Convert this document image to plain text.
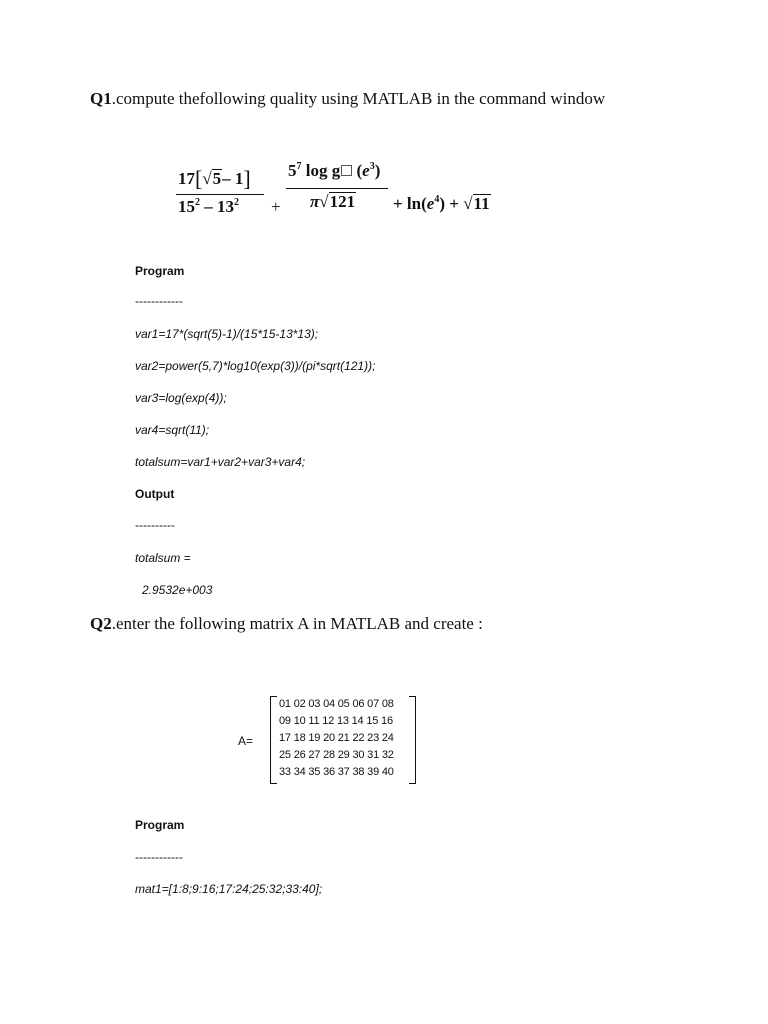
Q1.compute thefollowing quality using MATLAB in the command window
17[√5– 1]
$15^2 - 13^2$ +
$5^7$ log g $(e^3)$
$\pi√121 + \ln(e^4) + √11$
Program
------------
var1=17*(sqrt(5)-1)/(15*15-13*13);
var2=power(5,7)*log10(exp(3))/(pi*sqrt(121));
var3=log(exp(4));
var4=sqrt(11);
totalsum=var1+var2+var3+var4;
Output
----------
totalsum =
2.9532e+003
Q2.enter the following matrix A in MATLAB and create :
A=
01 02 03 04 05 06 07 08
09 10 11 12 13 14 15 16
17 18 19 20 21 22 23 24
25 26 27 28 29 30 31 32
33 34 35 36 37 38 39 40
Program
------------
mat1=[1:8;9:16;17:24;25:32;33:40];
